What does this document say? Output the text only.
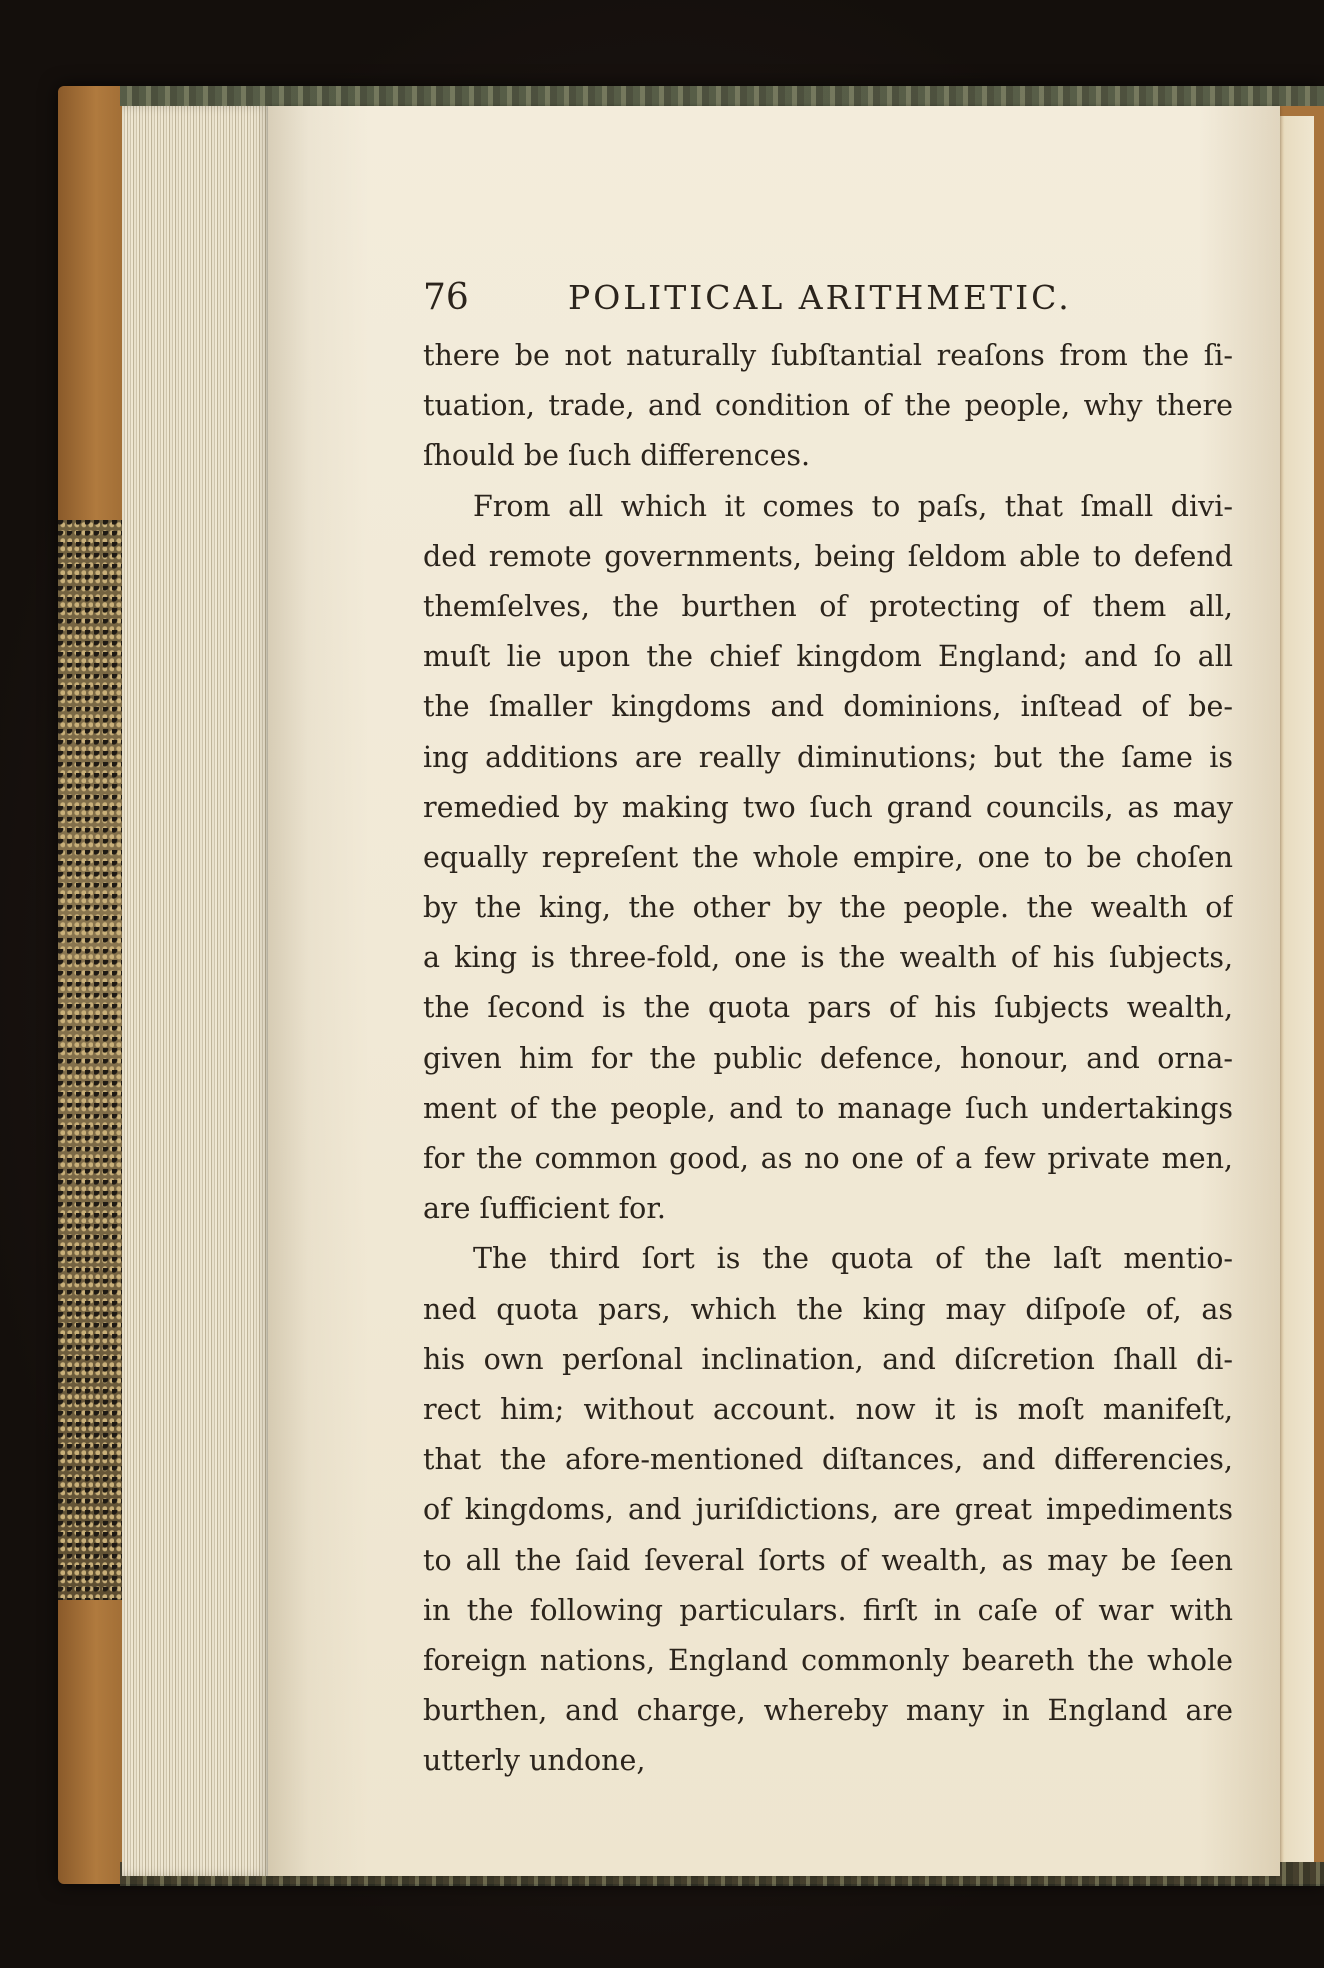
76	POLITICAL ARITHMETIC.
there be not naturally ſubſtantial reaſons from the ſi-
tuation, trade, and condition of the people, why there
ſhould be ſuch differences.
From all which it comes to paſs, that ſmall divi-
ded remote governments, being ſeldom able to defend
themſelves, the burthen of protecting of them all,
muſt lie upon the chief kingdom England; and ſo all
the ſmaller kingdoms and dominions, inſtead of be-
ing additions are really diminutions; but the ſame is
remedied by making two ſuch grand councils, as may
equally repreſent the whole empire, one to be choſen
by the king, the other by the people. the wealth of
a king is three-fold, one is the wealth of his ſubjects,
the ſecond is the quota pars of his ſubjects wealth,
given him for the public defence, honour, and orna-
ment of the people, and to manage ſuch undertakings
for the common good, as no one of a few private men,
are ſufficient for.
The third ſort is the quota of the laſt mentio-
ned quota pars, which the king may diſpoſe of, as
his own perſonal inclination, and diſcretion ſhall di-
rect him; without account. now it is moſt manifeſt,
that the afore-mentioned diſtances, and differencies,
of kingdoms, and juriſdictions, are great impediments
to all the ſaid ſeveral ſorts of wealth, as may be ſeen
in the following particulars. firſt in caſe of war with
foreign nations, England commonly beareth the whole
burthen, and charge, whereby many in England are
utterly undone,
